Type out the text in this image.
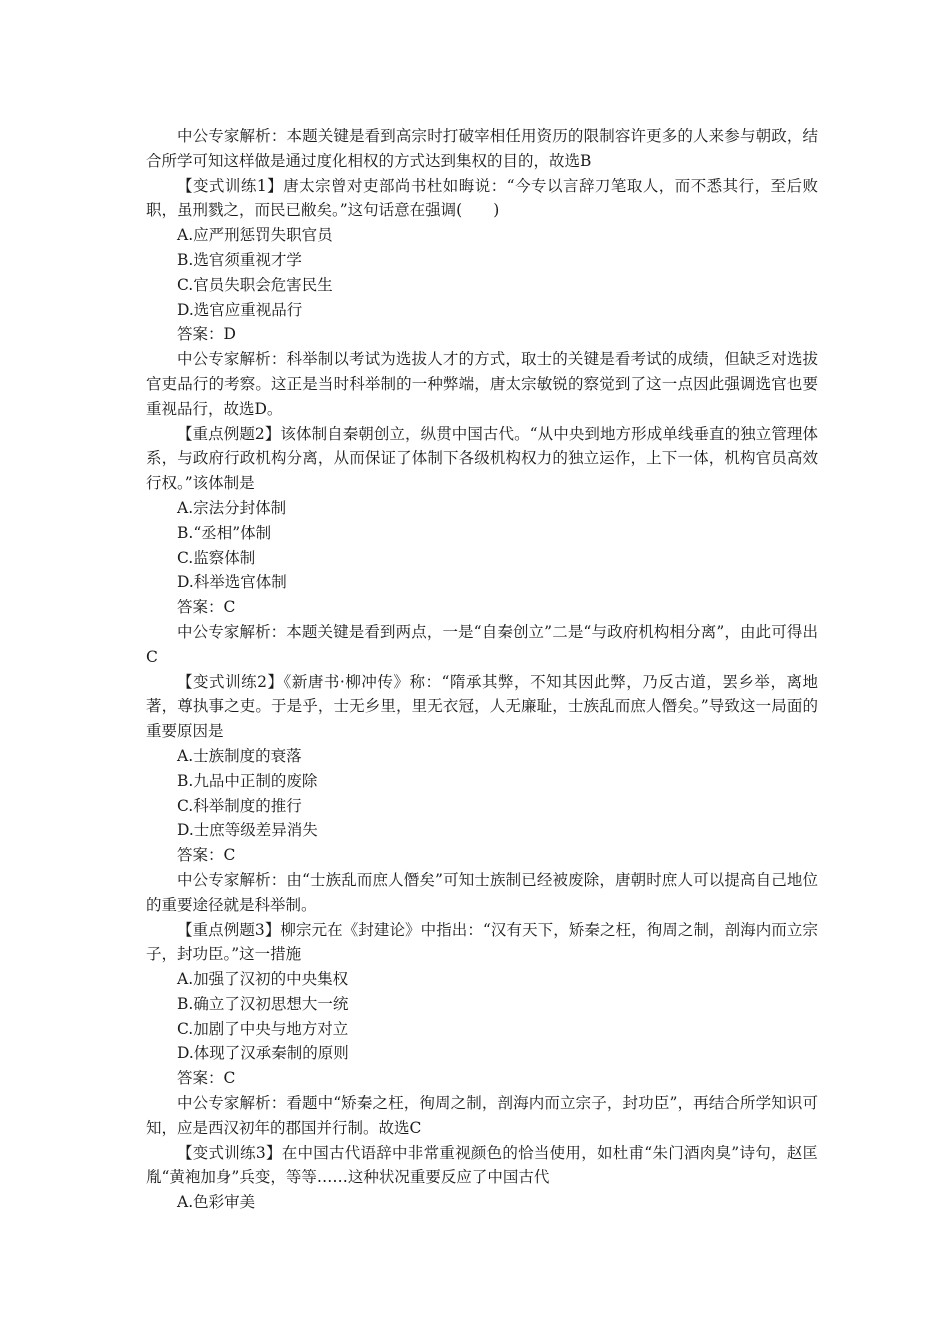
中公专家解析：本题关键是看到高宗时打破宰相任用资历的限制容许更多的人来参与朝政，结合所学可知这样做是通过度化相权的方式达到集权的目的，故选B

【变式训练1】唐太宗曾对吏部尚书杜如晦说：“今专以言辞刀笔取人，而不悉其行，至后败职，虽刑戮之，而民已敝矣。”这句话意在强调(　　)

A.应严刑惩罚失职官员

B.选官须重视才学

C.官员失职会危害民生

D.选官应重视品行

答案：D

中公专家解析：科举制以考试为选拔人才的方式，取士的关键是看考试的成绩，但缺乏对选拔官吏品行的考察。这正是当时科举制的一种弊端，唐太宗敏锐的察觉到了这一点因此强调选官也要重视品行，故选D。

【重点例题2】该体制自秦朝创立，纵贯中国古代。“从中央到地方形成单线垂直的独立管理体系，与政府行政机构分离，从而保证了体制下各级机构权力的独立运作，上下一体，机构官员高效行权。”该体制是

A.宗法分封体制

B.“丞相”体制

C.监察体制

D.科举选官体制

答案：C

中公专家解析：本题关键是看到两点，一是“自秦创立”二是“与政府机构相分离”，由此可得出C

【变式训练2】《新唐书·柳冲传》称：“隋承其弊，不知其因此弊，乃反古道，罢乡举，离地著，尊执事之吏。于是乎，士无乡里，里无衣冠，人无廉耻，士族乱而庶人僭矣。”导致这一局面的重要原因是

A.士族制度的衰落

B.九品中正制的废除

C.科举制度的推行

D.士庶等级差异消失

答案：C

中公专家解析：由“士族乱而庶人僭矣”可知士族制已经被废除，唐朝时庶人可以提高自己地位的重要途径就是科举制。

【重点例题3】柳宗元在《封建论》中指出：“汉有天下，矫秦之枉，徇周之制，剖海内而立宗子，封功臣。”这一措施

A.加强了汉初的中央集权

B.确立了汉初思想大一统

C.加剧了中央与地方对立

D.体现了汉承秦制的原则

答案：C

中公专家解析：看题中“矫秦之枉，徇周之制，剖海内而立宗子，封功臣”，再结合所学知识可知，应是西汉初年的郡国并行制。故选C

【变式训练3】在中国古代语辞中非常重视颜色的恰当使用，如杜甫“朱门酒肉臭”诗句，赵匡胤“黄袍加身”兵变，等等……这种状况重要反应了中国古代

A.色彩审美
